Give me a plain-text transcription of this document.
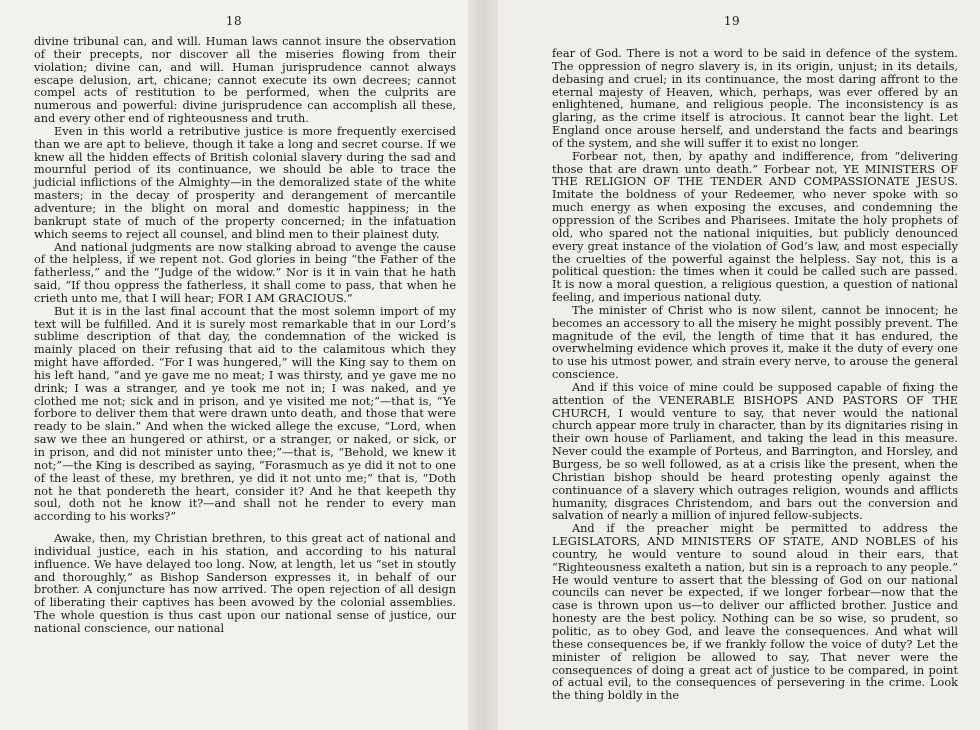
18

divine tribunal can, and will. Human laws cannot insure the observation of their precepts, nor discover all the miseries flowing from their violation; divine can, and will. Human jurisprudence cannot always escape delusion, art, chicane; cannot execute its own decrees; cannot compel acts of restitution to be performed, when the culprits are numerous and powerful: divine jurisprudence can accomplish all these, and every other end of righteousness and truth.

Even in this world a retributive justice is more frequently exercised than we are apt to believe, though it take a long and secret course. If we knew all the hidden effects of British colonial slavery during the sad and mournful period of its continuance, we should be able to trace the judicial inflictions of the Almighty—in the demoralized state of the white masters; in the decay of prosperity and derangement of mercantile adventure; in the blight on moral and domestic happiness; in the bankrupt state of much of the property concerned; in the infatuation which seems to reject all counsel, and blind men to their plainest duty.

And national judgments are now stalking abroad to avenge the cause of the helpless, if we repent not. God glories in being “the Father of the fatherless,” and the “Judge of the widow.” Nor is it in vain that he hath said, “If thou oppress the fatherless, it shall come to pass, that when he crieth unto me, that I will hear; FOR I AM GRACIOUS.”

But it is in the last final account that the most solemn import of my text will be fulfilled. And it is surely most remarkable that in our Lord’s sublime description of that day, the condemnation of the wicked is mainly placed on their refusing that aid to the calamitous which they might have afforded. “For I was hungered,” will the King say to them on his left hand, “and ye gave me no meat; I was thirsty, and ye gave me no drink; I was a stranger, and ye took me not in; I was naked, and ye clothed me not; sick and in prison, and ye visited me not;”—that is, “Ye forbore to deliver them that were drawn unto death, and those that were ready to be slain.” And when the wicked allege the excuse, “Lord, when saw we thee an hungered or athirst, or a stranger, or naked, or sick, or in prison, and did not minister unto thee;”—that is, “Behold, we knew it not;”—the King is described as saying, “Forasmuch as ye did it not to one of the least of these, my brethren, ye did it not unto me;” that is, “Doth not he that pondereth the heart, consider it? And he that keepeth thy soul, doth not he know it?—and shall not he render to every man according to his works?”

Awake, then, my Christian brethren, to this great act of national and individual justice, each in his station, and according to his natural influence. We have delayed too long. Now, at length, let us “set in stoutly and thoroughly,” as Bishop Sanderson expresses it, in behalf of our brother. A conjuncture has now arrived. The open rejection of all design of liberating their captives has been avowed by the colonial assemblies. The whole question is thus cast upon our national sense of justice, our national conscience, our national

19

fear of God. There is not a word to be said in defence of the system. The oppression of negro slavery is, in its origin, unjust; in its details, debasing and cruel; in its continuance, the most daring affront to the eternal majesty of Heaven, which, perhaps, was ever offered by an enlightened, humane, and religious people. The inconsistency is as glaring, as the crime itself is atrocious. It cannot bear the light. Let England once arouse herself, and understand the facts and bearings of the system, and she will suffer it to exist no longer.

Forbear not, then, by apathy and indifference, from “delivering those that are drawn unto death.” Forbear not, YE MINISTERS OF THE RELIGION OF THE TENDER AND COMPASSIONATE JESUS. Imitate the boldness of your Redeemer, who never spoke with so much energy as when exposing the excuses, and condemning the oppression of the Scribes and Pharisees. Imitate the holy prophets of old, who spared not the national iniquities, but publicly denounced every great instance of the violation of God’s law, and most especially the cruelties of the powerful against the helpless. Say not, this is a political question: the times when it could be called such are passed. It is now a moral question, a religious question, a question of national feeling, and imperious national duty.

The minister of Christ who is now silent, cannot be innocent; he becomes an accessory to all the misery he might possibly prevent. The magnitude of the evil, the length of time that it has endured, the overwhelming evidence which proves it, make it the duty of every one to use his utmost power, and strain every nerve, to arouse the general conscience.

And if this voice of mine could be supposed capable of fixing the attention of the VENERABLE BISHOPS AND PASTORS OF THE CHURCH, I would venture to say, that never would the national church appear more truly in character, than by its dignitaries rising in their own house of Parliament, and taking the lead in this measure. Never could the example of Porteus, and Barrington, and Horsley, and Burgess, be so well followed, as at a crisis like the present, when the Christian bishop should be heard protesting openly against the continuance of a slavery which outrages religion, wounds and afflicts humanity, disgraces Christendom, and bars out the conversion and salvation of nearly a million of injured fellow-subjects.

And if the preacher might be permitted to address the LEGISLATORS, AND MINISTERS OF STATE, AND NOBLES of his country, he would venture to sound aloud in their ears, that “Righteousness exalteth a nation, but sin is a reproach to any people.” He would venture to assert that the blessing of God on our national councils can never be expected, if we longer forbear—now that the case is thrown upon us—to deliver our afflicted brother. Justice and honesty are the best policy. Nothing can be so wise, so prudent, so politic, as to obey God, and leave the consequences. And what will these consequences be, if we frankly follow the voice of duty? Let the minister of religion be allowed to say, That never were the consequences of doing a great act of justice to be compared, in point of actual evil, to the consequences of persevering in the crime. Look the thing boldly in the
